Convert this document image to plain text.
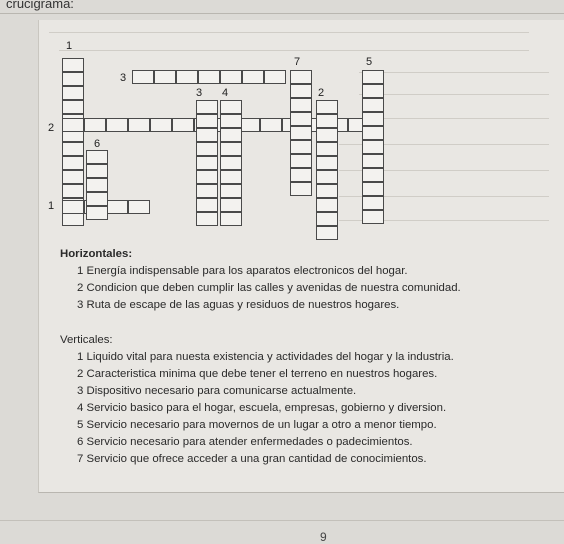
crucigrama:
1
7	5
3
3 4	2
2
6
1
Horizontales:
1 Energía indispensable para los aparatos electronicos del hogar.
2 Condicion que deben cumplir las calles y avenidas de nuestra comunidad.
3 Ruta de escape de las aguas y residuos de nuestros hogares.
Verticales:
1 Liquido vital para nuesta existencia y actividades del hogar y la industria.
2 Caracteristica minima que debe tener el terreno en nuestros hogares.
3 Dispositivo necesario para comunicarse actualmente.
4 Servicio basico para el hogar, escuela, empresas, gobierno y diversion.
5 Servicio necesario para movernos de un lugar a otro a menor tiempo.
6 Servicio necesario para atender enfermedades o padecimientos.
7 Servicio que ofrece acceder a una gran cantidad de conocimientos.
9
